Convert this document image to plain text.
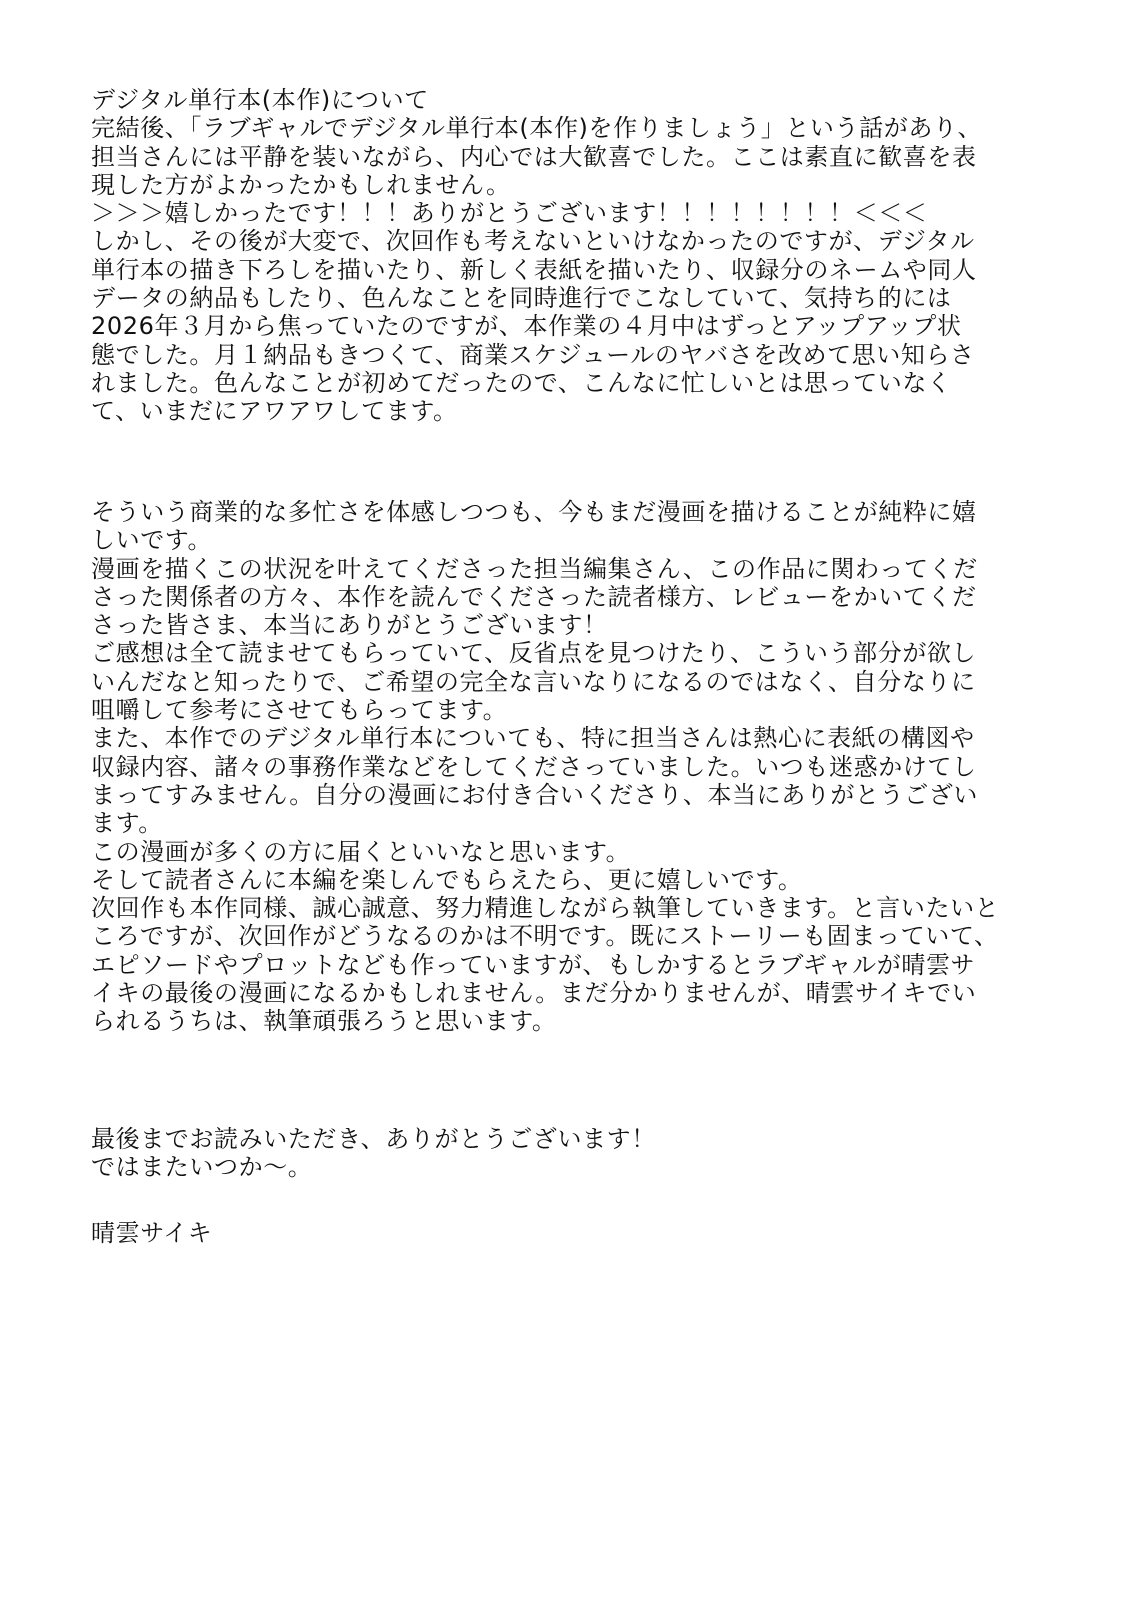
デジタル単行本(本作)について
完結後、「ラブギャルでデジタル単行本(本作)を作りましょう」という話があり、
担当さんには平静を装いながら、内心では大歓喜でした。ここは素直に歓喜を表
現した方がよかったかもしれません。
＞＞＞嬉しかったです！！！ありがとうございます！！！！！！！！＜＜＜
しかし、その後が大変で、次回作も考えないといけなかったのですが、デジタル
単行本の描き下ろしを描いたり、新しく表紙を描いたり、収録分のネームや同人
データの納品もしたり、色んなことを同時進行でこなしていて、気持ち的には
2026年３月から焦っていたのですが、本作業の４月中はずっとアップアップ状
態でした。月１納品もきつくて、商業スケジュールのヤバさを改めて思い知らさ
れました。色んなことが初めてだったので、こんなに忙しいとは思っていなく
て、いまだにアワアワしてます。
そういう商業的な多忙さを体感しつつも、今もまだ漫画を描けることが純粋に嬉
しいです。
漫画を描くこの状況を叶えてくださった担当編集さん、この作品に関わってくだ
さった関係者の方々、本作を読んでくださった読者様方、レビューをかいてくだ
さった皆さま、本当にありがとうございます！
ご感想は全て読ませてもらっていて、反省点を見つけたり、こういう部分が欲し
いんだなと知ったりで、ご希望の完全な言いなりになるのではなく、自分なりに
咀嚼して参考にさせてもらってます。
また、本作でのデジタル単行本についても、特に担当さんは熱心に表紙の構図や
収録内容、諸々の事務作業などをしてくださっていました。いつも迷惑かけてし
まってすみません。自分の漫画にお付き合いくださり、本当にありがとうござい
ます。
この漫画が多くの方に届くといいなと思います。
そして読者さんに本編を楽しんでもらえたら、更に嬉しいです。
次回作も本作同様、誠心誠意、努力精進しながら執筆していきます。と言いたいと
ころですが、次回作がどうなるのかは不明です。既にストーリーも固まっていて、
エピソードやプロットなども作っていますが、もしかするとラブギャルが晴雲サ
イキの最後の漫画になるかもしれません。まだ分かりませんが、晴雲サイキでい
られるうちは、執筆頑張ろうと思います。
最後までお読みいただき、ありがとうございます！
ではまたいつか～。
晴雲サイキ
